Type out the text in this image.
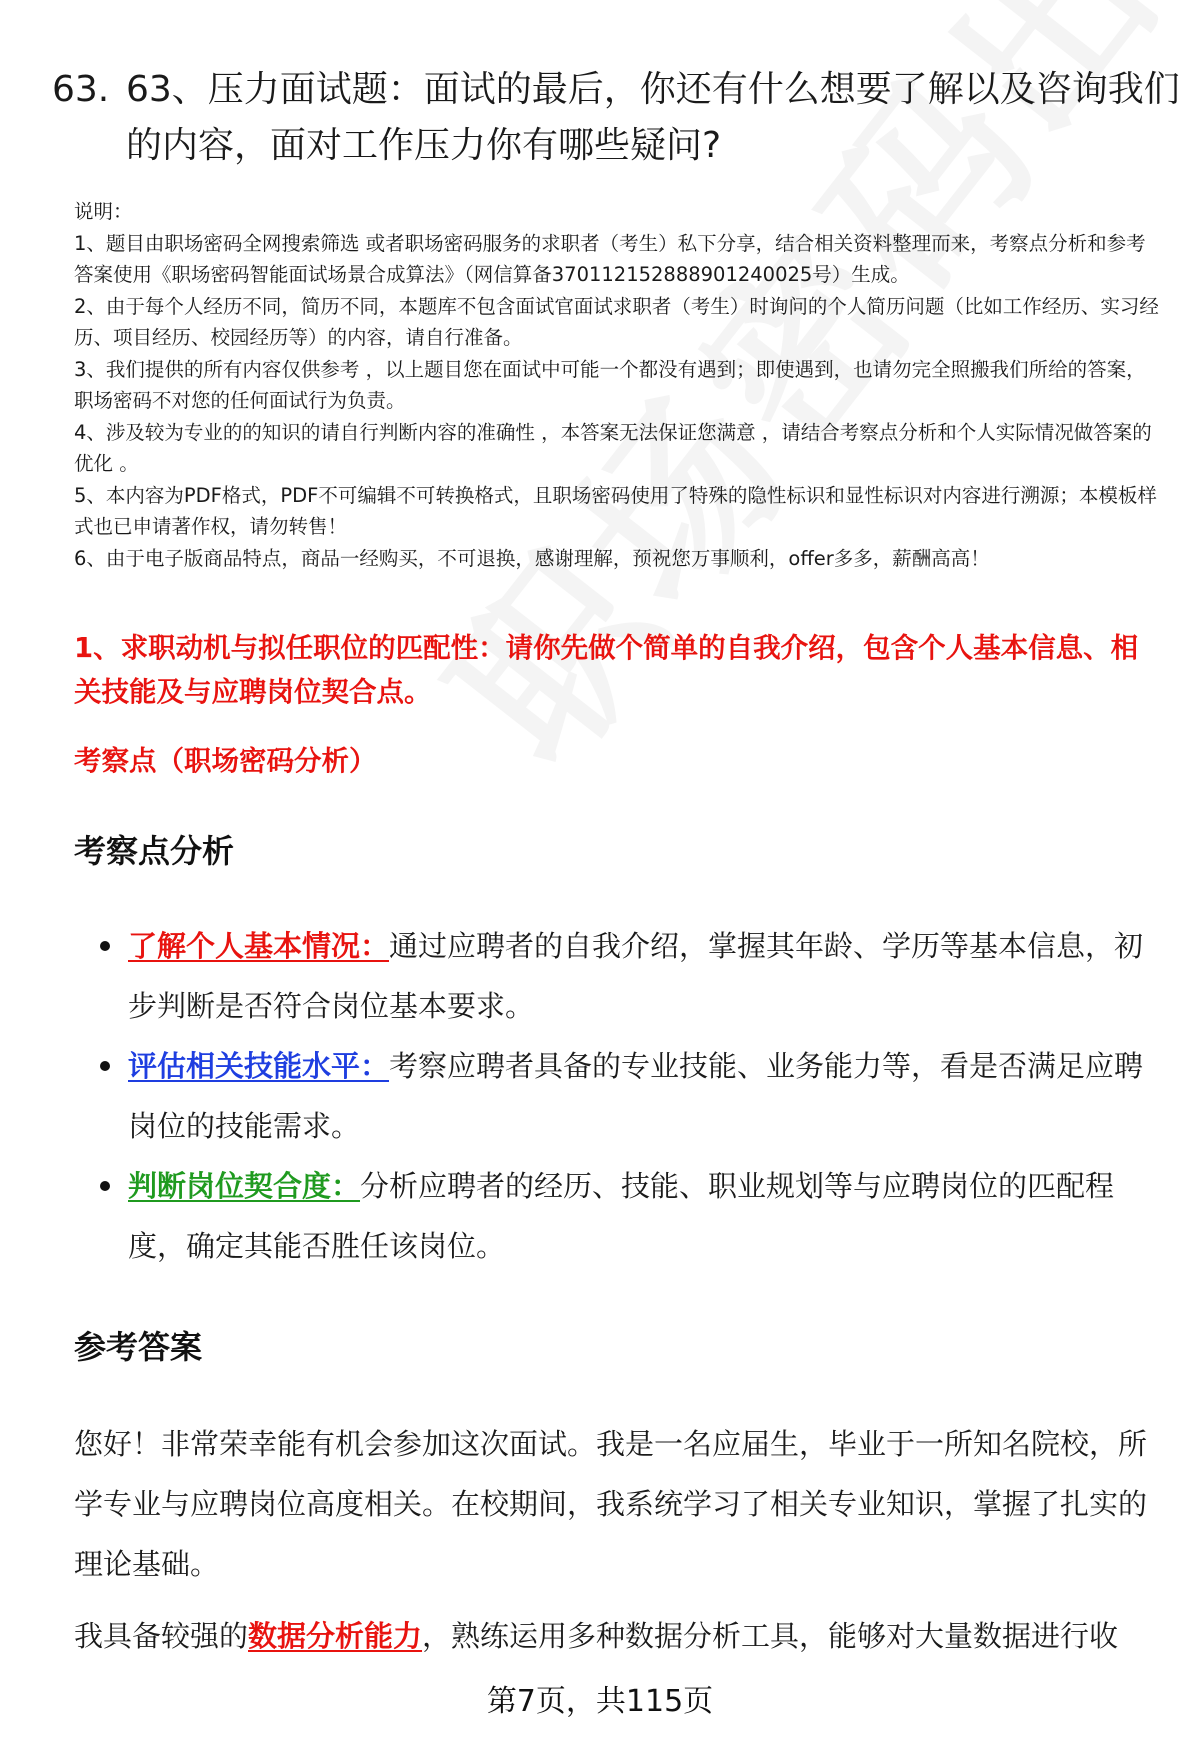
63. 63、压力面试题：面试的最后，你还有什么想要了解以及咨询我们的内容，面对工作压力你有哪些疑问?
说明：
1、题目由职场密码全网搜索筛选 或者职场密码服务的求职者（考生）私下分享，结合相关资料整理而来，考察点分析和参考答案使用《职场密码智能面试场景合成算法》（网信算备37011215288890124002​5号）生成。
2、由于每个人经历不同，简历不同，本题库不包含面试官面试求职者（考生）时询问的个人简历问题（比如工作经历、实习经历、项目经历、校园经历等）的内容，请自行准备。
3、我们提供的所有内容仅供参考 ，以上题目您在面试中可能一个都没有遇到；即使遇到，也请勿完全照搬我们所给的答案，职场密码不对您的任何面试行为负责。
4、涉及较为专业的的知识的请自行判断内容的准确性 ，本答案无法保证您满意 ，请结合考察点分析和个人实际情况做答案的优化 。
5、本内容为PDF格式，PDF不可编辑不可转换格式，且职场密码使用了特殊的隐性标识和显性标识对内容进行溯源；本模板样式也已申请著作权，请勿转售！
6、由于电子版商品特点，商品一经购买，不可退换，感谢理解，预祝您万事顺利，offer多多，薪酬高高！
1、求职动机与拟任职位的匹配性：请你先做个简单的自我介绍，包含个人基本信息、相关技能及与应聘岗位契合点。
考察点（职场密码分析）
考察点分析
了解个人基本情况：通过应聘者的自我介绍，掌握其年龄、学历等基本信息，初步判断是否符合岗位基本要求。
评估相关技能水平：考察应聘者具备的专业技能、业务能力等，看是否满足应聘岗位的技能需求。
判断岗位契合度：分析应聘者的经历、技能、职业规划等与应聘岗位的匹配程度，确定其能否胜任该岗位。
参考答案
您好！非常荣幸能有机会参加这次面试。我是一名应届生，毕业于一所知名院校，所学专业与应聘岗位高度相关。在校期间，我系统学习了相关专业知识，掌握了扎实的理论基础。
我具备较强的数据分析能力，熟练运用多种数据分析工具，能够对大量数据进行收
第7页，共115页
